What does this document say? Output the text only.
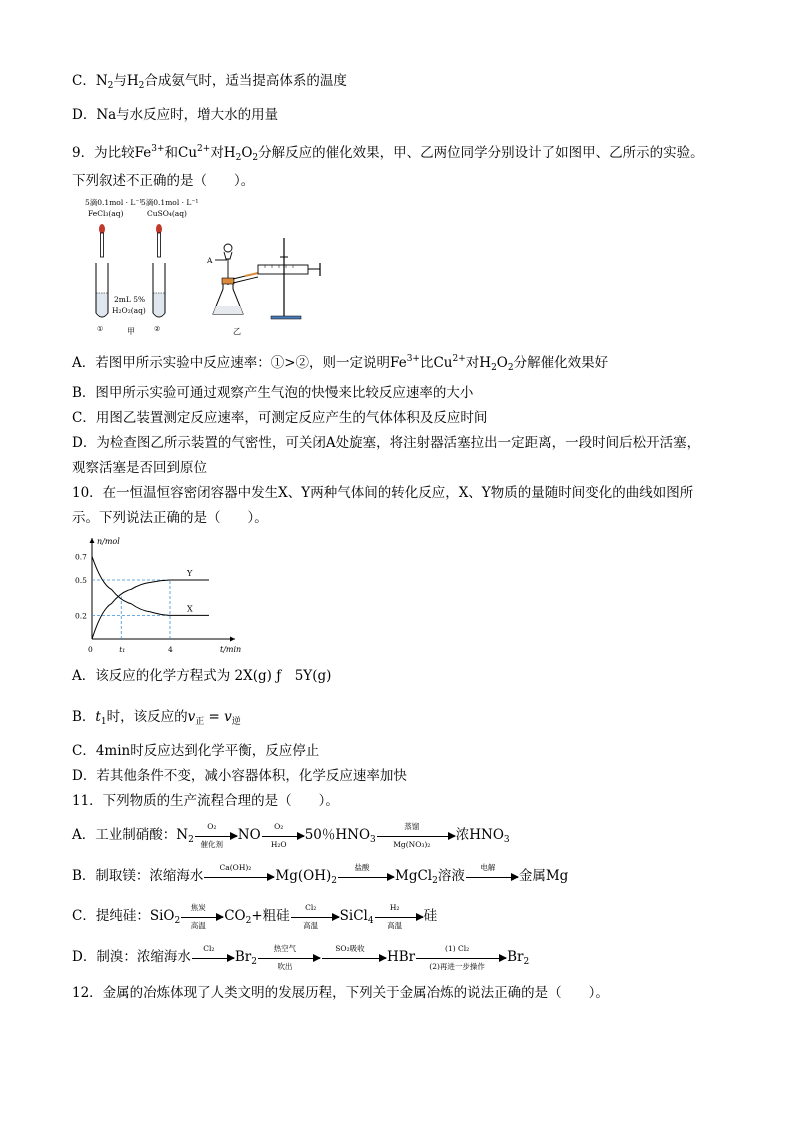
C．$N_2$与$H_2$合成氨气时，适当提高体系的温度
D．Na与水反应时，增大水的用量
9．为比较$Fe^{3+}$和$Cu^{2+}$对$H_2O_2$分解反应的催化效果，甲、乙两位同学分别设计了如图甲、乙所示的实验。
下列叙述不正确的是（　　）。
5滴0.1mol · L⁻¹
FeCl₃(aq)
5滴0.1mol · L⁻¹
CuSO₄(aq)
2mL 5%
H₂O₂(aq)
①	②
甲
A
乙
A．若图甲所示实验中反应速率：①>②，则一定说明$Fe^{3+}$比$Cu^{2+}$对$H_2O_2$分解催化效果好
B．图甲所示实验可通过观察产生气泡的快慢来比较反应速率的大小
C．用图乙装置测定反应速率，可测定反应产生的气体体积及反应时间
D．为检查图乙所示装置的气密性，可关闭A处旋塞，将注射器活塞拉出一定距离，一段时间后松开活塞，
观察活塞是否回到原位
10．在一恒温恒容密闭容器中发生X、Y两种气体间的转化反应，X、Y物质的量随时间变化的曲线如图所
示。下列说法正确的是（　　）。
n/mol
t/min
0.2
0.5
0.7
0	t₁	4
Y
X
A．该反应的化学方程式为 2X(g) ƒ　5Y(g)
B．$t_1$时，该反应的$v_正 = v_逆$
C．4min时反应达到化学平衡，反应停止
D．若其他条件不变，减小容器体积，化学反应速率加快
11．下列物质的生产流程合理的是（　　）。
A．工业制硝酸：$N_2$
O₂
催化剂
NO $\frac{\text{O₂}}{\text{H₂O}} 50$％$HNO_3$
蒸馏
Mg(NO₃)₂
浓$HNO_3$
B．制取镁：浓缩海水
Ca(OH)₂
$Mg(OH)_2$
盐酸
MgCl$_2$溶液
电解
金属Mg
C．提纯硅：SiO$_2$
焦炭
高温
$CO_2+$粗硅
Cl₂
高温
SiCl$_4$
H₂
高温
硅
D．制溴：浓缩海水
Cl₂
$Br_2$
热空气
吹出
SO₂吸收
HBr
(1) Cl₂
(2)再进一步操作
$Br_2$
12．金属的冶炼体现了人类文明的发展历程，下列关于金属冶炼的说法正确的是（　　）。
